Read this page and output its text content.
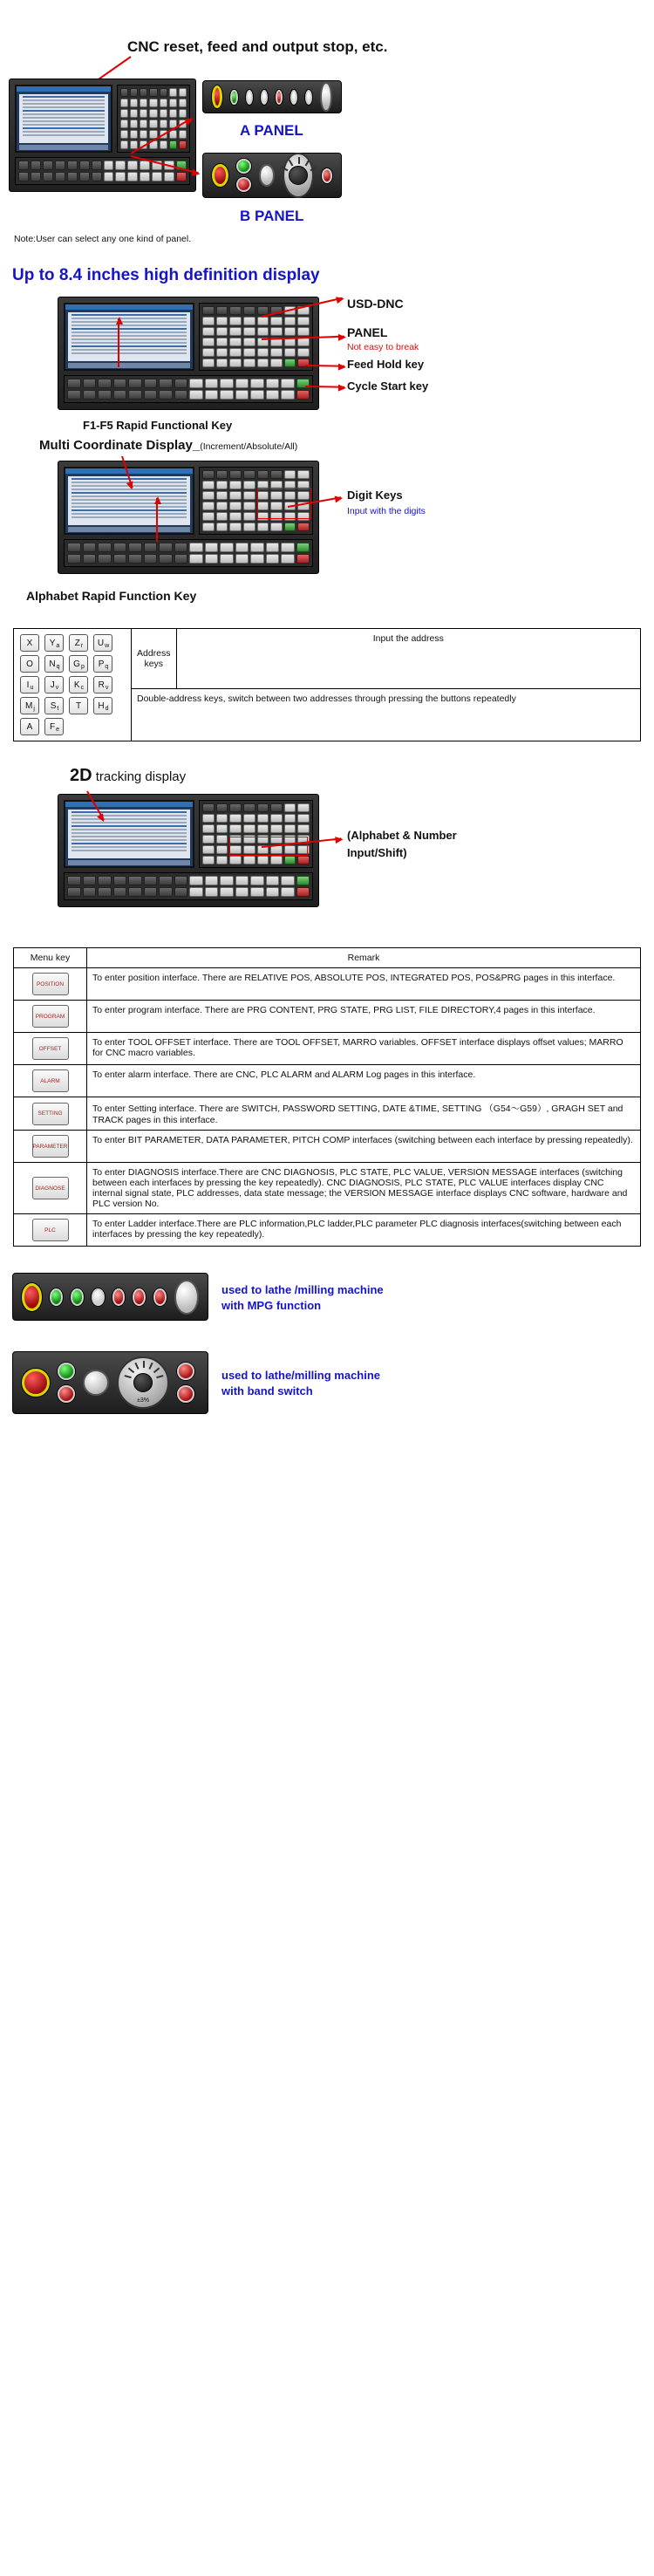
CNC reset, feed and output stop, etc.
A PANEL
B PANEL
Note:User can select any one kind of panel.
Up to 8.4 inches high definition display
USD-DNC
PANEL
Not easy to break
Feed Hold key
Cycle Start key
F1-F5 Rapid Functional Key
Multi Coordinate Display_(Increment/Absolute/All)
Digit Keys
Input with the digits
Alphabet Rapid Function Key
X $Y_a$ $Z_r$ $U_w$
O $N_q$ $G_p$ $P_q$
$I_u$ $J_v$ $K_c$ $R_v$
$M_j$ $S_t$ T $H_d$
A $F_e$
	Address keys	Input the address
Double-address keys, switch between two addresses through pressing the buttons repeatedly
2D tracking display
(Alphabet & Number
Input/Shift)
Menu key	Remark

POSITION	To enter position interface. There are RELATIVE POS, ABSOLUTE POS, INTEGRATED POS, POS&PRG pages in this interface.

PROGRAM	To enter program interface. There are PRG CONTENT, PRG STATE, PRG LIST, FILE DIRECTORY,4 pages in this interface.

OFFSET	To enter TOOL OFFSET interface. There are TOOL OFFSET, MARRO variables. OFFSET interface displays offset values; MARRO for CNC macro variables.

ALARM	To enter alarm interface. There are CNC, PLC ALARM and ALARM Log pages in this interface.

SETTING	To enter Setting interface. There are SWITCH, PASSWORD SETTING, DATE &TIME, SETTING （G54～G59）, GRAGH SET and TRACK pages in this interface.

PARAMETER	To enter BIT PARAMETER, DATA PARAMETER, PITCH COMP interfaces (switching between each interface by pressing repeatedly).

DIAGNOSE	To enter DIAGNOSIS interface.There are CNC DIAGNOSIS, PLC STATE, PLC VALUE, VERSION MESSAGE interfaces (switching between each interfaces by pressing the key repeatedly). CNC DIAGNOSIS, PLC STATE, PLC VALUE interfaces display CNC internal signal state, PLC addresses, data state message; the VERSION MESSAGE interface displays CNC software, hardware and PLC version No.

PLC	To enter Ladder interface.There are PLC information,PLC ladder,PLC parameter PLC diagnosis interfaces(switching between each interfaces by pressing the key repeatedly).
used to lathe /milling machine
with MPG function
±3%
used to lathe/milling machine
with band switch
